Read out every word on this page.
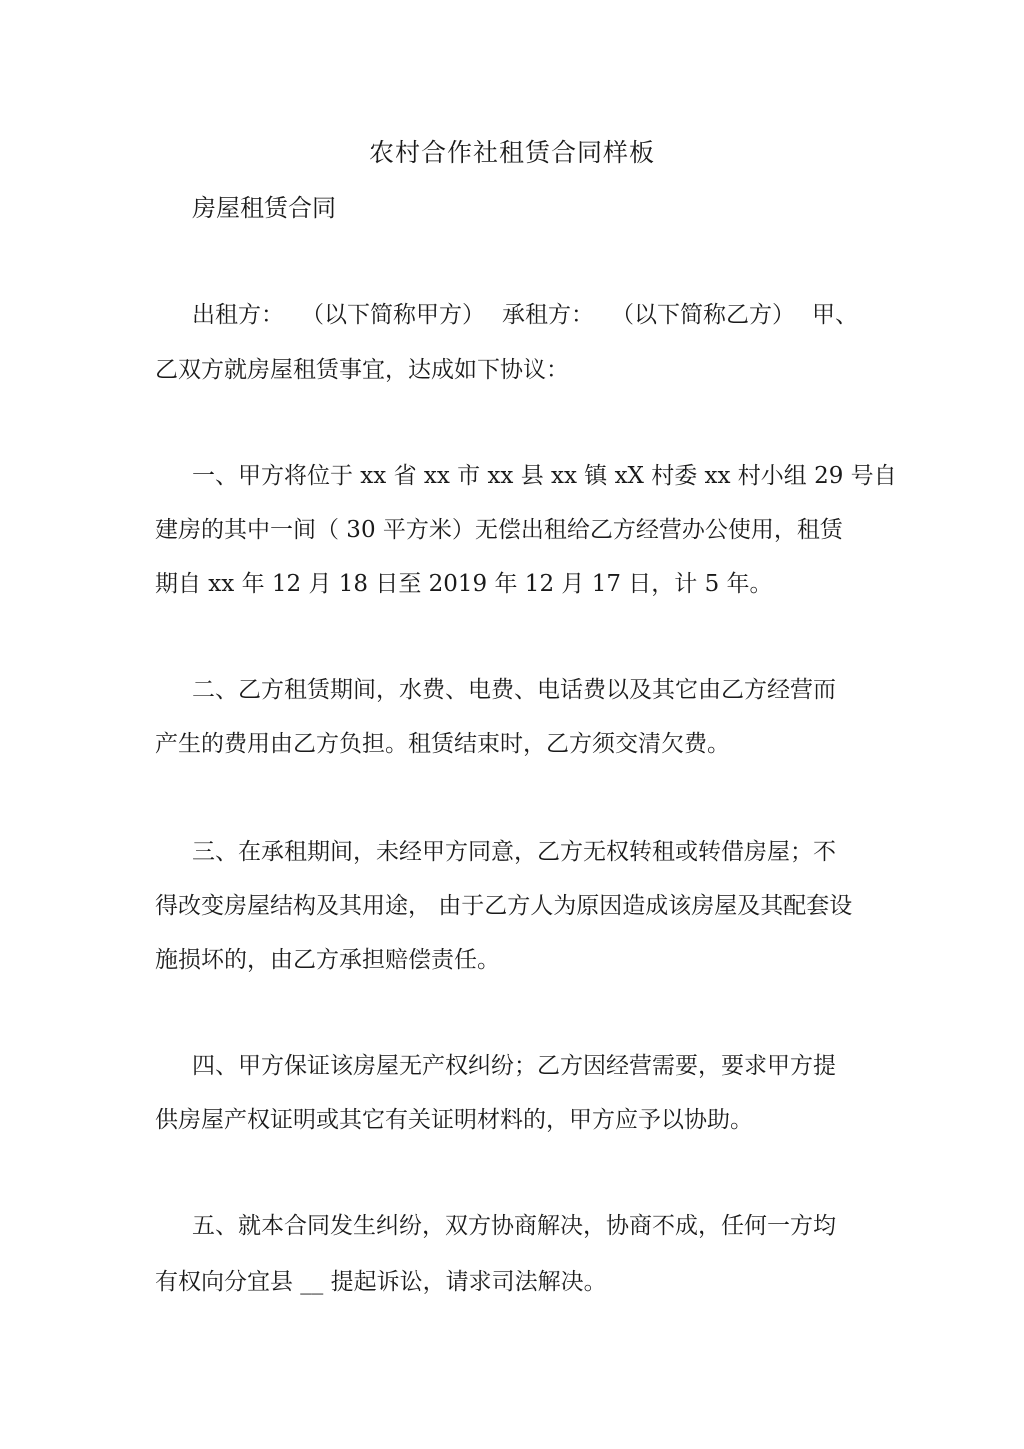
农村合作社租赁合同样板

房屋租赁合同

出租方： （以下简称甲方） 承租方： （以下简称乙方） 甲、

乙双方就房屋租赁事宜，达成如下协议：

一、甲方将位于 xx 省 xx 市 xx 县 xx 镇 xX 村委 xx 村小组 29 号自

建房的其中一间（ 30 平方米）无偿出租给乙方经营办公使用，租赁

期自 xx 年 12 月 18 日至 2019 年 12 月 17 日，计 5 年。

二、乙方租赁期间，水费、电费、电话费以及其它由乙方经营而

产生的费用由乙方负担。租赁结束时，乙方须交清欠费。

三、在承租期间，未经甲方同意，乙方无权转租或转借房屋；不

得改变房屋结构及其用途， 由于乙方人为原因造成该房屋及其配套设

施损坏的，由乙方承担赔偿责任。

四、甲方保证该房屋无产权纠纷；乙方因经营需要，要求甲方提

供房屋产权证明或其它有关证明材料的，甲方应予以协助。

五、就本合同发生纠纷，双方协商解决，协商不成，任何一方均

有权向分宜县 __ 提起诉讼，请求司法解决。
